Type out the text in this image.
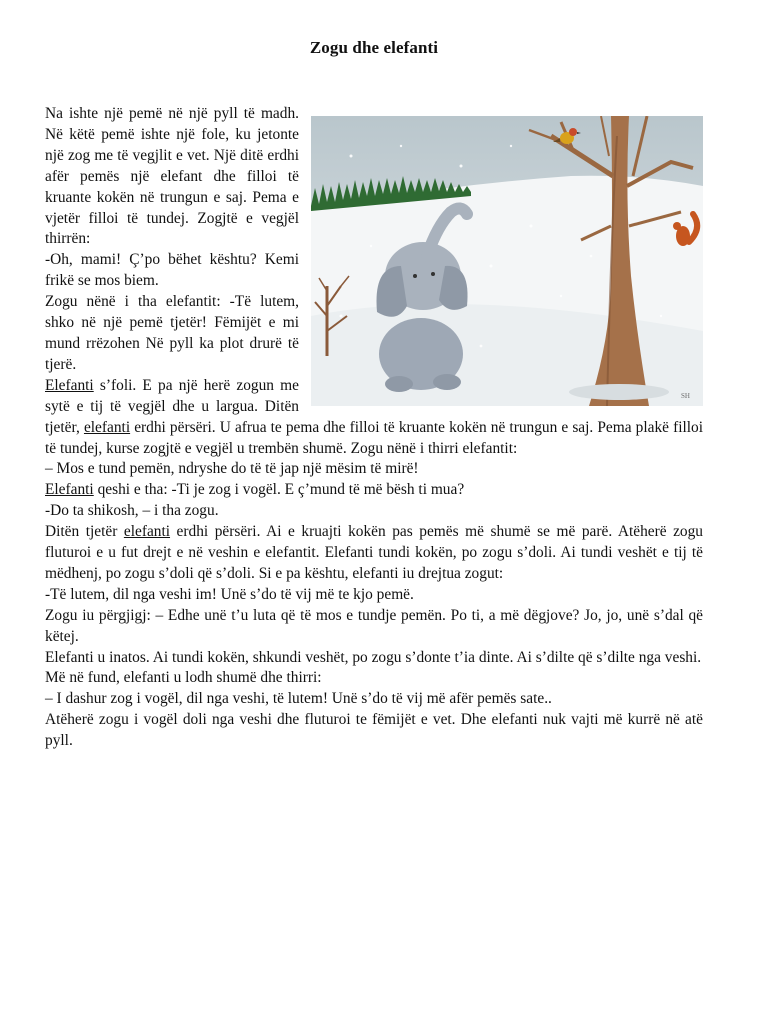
Zogu dhe elefanti
SH

Na ishte një pemë në një pyll të madh. Në këtë pemë ishte një fole, ku jetonte një zog me të vegjlit e vet. Një ditë erdhi afër pemës një elefant dhe filloi të kruante kokën në trungun e saj. Pema e vjetër filloi të tundej. Zogjtë e vegjël thirrën:

-Oh, mami! Ç’po bëhet kështu? Kemi frikë se mos biem.

Zogu nënë i tha elefantit: -Të lutem, shko në një pemë tjetër! Fëmijët e mi mund rrëzohen Në pyll ka plot drurë të tjerë.

Elefanti s’foli. E pa një herë zogun me sytë e tij të vegjël dhe u largua. Ditën tjetër, elefanti erdhi përsëri. U afrua te pema dhe filloi të kruante kokën në trungun e saj. Pema plakë filloi të tundej, kurse zogjtë e vegjël u trembën shumë. Zogu nënë i thirri elefantit:

– Mos e tund pemën, ndryshe do të të jap një mësim të mirë!

Elefanti qeshi e tha: -Ti je zog i vogël. E ç’mund të më bësh ti mua?

-Do ta shikosh, – i tha zogu.

Ditën tjetër elefanti erdhi përsëri. Ai e kruajti kokën pas pemës më shumë se më parë. Atëherë zogu fluturoi e u fut drejt e në veshin e elefantit. Elefanti tundi kokën, po zogu s’doli. Ai tundi veshët e tij të mëdhenj, po zogu s’doli që s’doli. Si e pa kështu, elefanti iu drejtua zogut:

-Të lutem, dil nga veshi im! Unë s’do të vij më te kjo pemë.

Zogu iu përgjigj: – Edhe unë t’u luta që të mos e tundje pemën. Po ti, a më dëgjove? Jo, jo, unë s’dal që këtej.

Elefanti u inatos. Ai tundi kokën, shkundi veshët, po zogu s’donte t’ia dinte. Ai s’dilte që s’dilte nga veshi.

Më në fund, elefanti u lodh shumë dhe thirri:

– I dashur zog i vogël, dil nga veshi, të lutem! Unë s’do të vij më afër pemës sate..

Atëherë zogu i vogël doli nga veshi dhe fluturoi te fëmijët e vet. Dhe elefanti nuk vajti më kurrë në atë pyll.
